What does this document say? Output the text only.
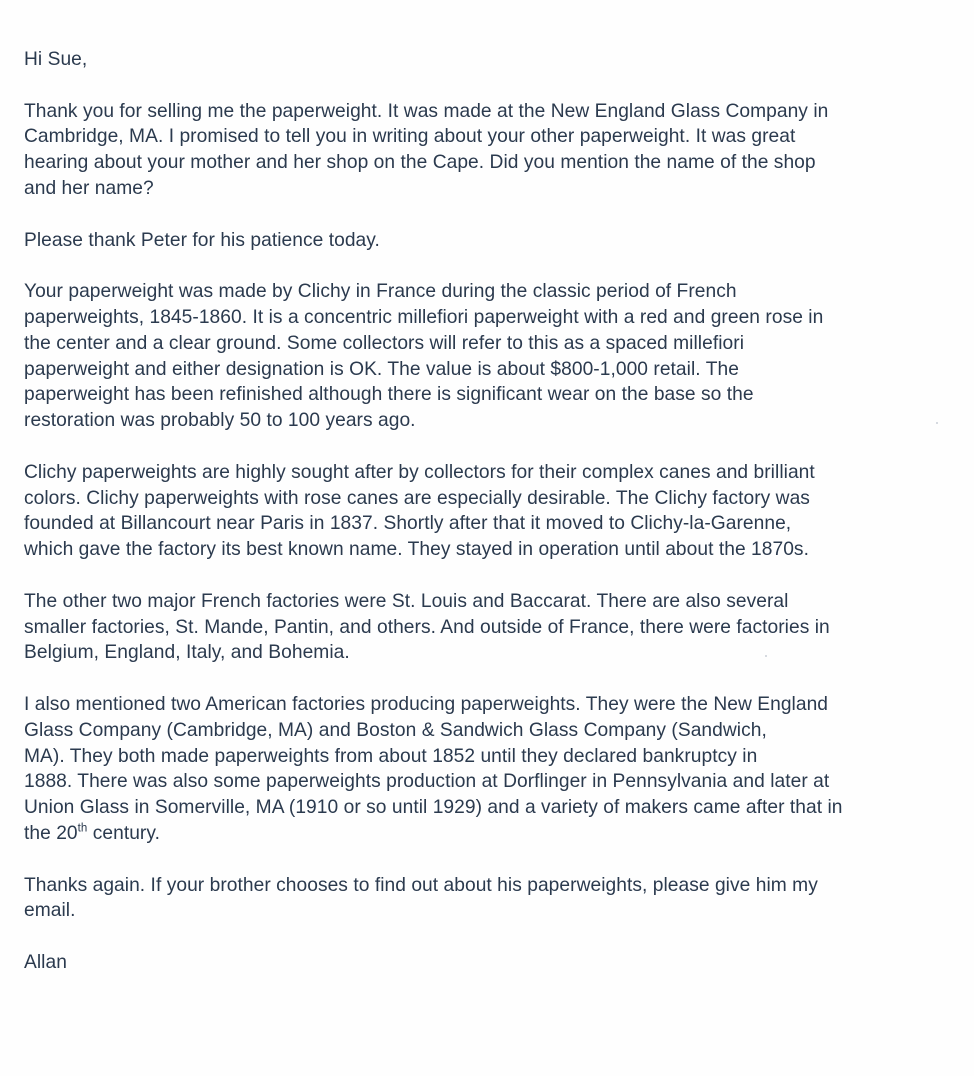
Hi Sue,

Thank you for selling me the paperweight. It was made at the New England Glass Company in
Cambridge, MA. I promised to tell you in writing about your other paperweight. It was great
hearing about your mother and her shop on the Cape. Did you mention the name of the shop
and her name?

Please thank Peter for his patience today.

Your paperweight was made by Clichy in France during the classic period of French
paperweights, 1845-1860. It is a concentric millefiori paperweight with a red and green rose in
the center and a clear ground. Some collectors will refer to this as a spaced millefiori
paperweight and either designation is OK. The value is about $800-1,000 retail. The
paperweight has been refinished although there is significant wear on the base so the
restoration was probably 50 to 100 years ago.

Clichy paperweights are highly sought after by collectors for their complex canes and brilliant
colors. Clichy paperweights with rose canes are especially desirable. The Clichy factory was
founded at Billancourt near Paris in 1837. Shortly after that it moved to Clichy-la-Garenne,
which gave the factory its best known name. They stayed in operation until about the 1870s.

The other two major French factories were St. Louis and Baccarat. There are also several
smaller factories, St. Mande, Pantin, and others. And outside of France, there were factories in
Belgium, England, Italy, and Bohemia.

I also mentioned two American factories producing paperweights. They were the New England
Glass Company (Cambridge, MA) and Boston & Sandwich Glass Company (Sandwich,
MA). They both made paperweights from about 1852 until they declared bankruptcy in
1888. There was also some paperweights production at Dorflinger in Pennsylvania and later at
Union Glass in Somerville, MA (1910 or so until 1929) and a variety of makers came after that in
the 20th century.

Thanks again. If your brother chooses to find out about his paperweights, please give him my
email.

Allan
